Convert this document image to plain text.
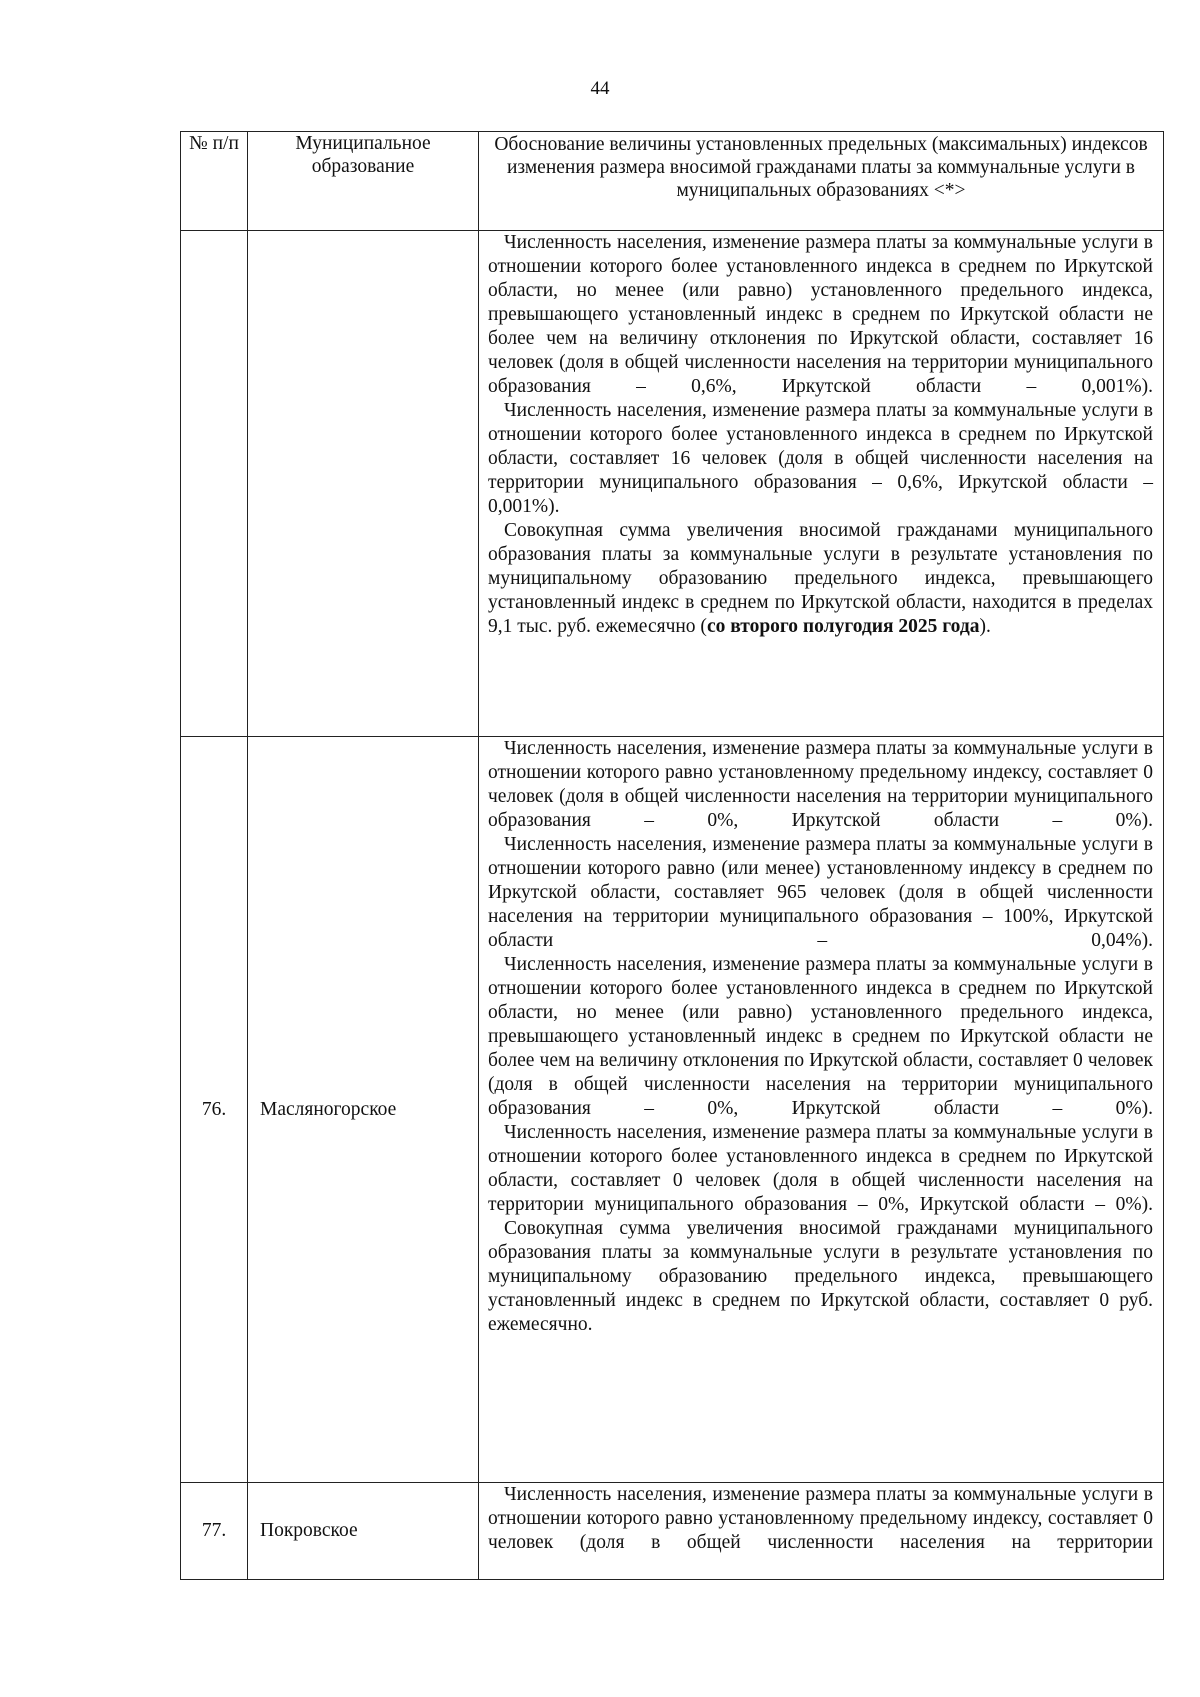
44
№ п/п	Муниципальное образование	Обоснование величины установленных предельных (максимальных) индексов изменения размера вносимой гражданами платы за коммунальные услуги в муниципальных образованиях <*>

		Численность населения, изменение размера платы за коммунальные услуги в отношении которого более установленного индекса в среднем по Иркутской области, но менее (или равно) установленного предельного индекса, превышающего установленный индекс в среднем по Иркутской области не более чем на величину отклонения по Иркутской области, составляет 16 человек (доля в общей численности населения на территории муниципального образования – 0,6%, Иркутской области – 0,001%).

Численность населения, изменение размера платы за коммунальные услуги в отношении которого более установленного индекса в среднем по Иркутской области, составляет 16 человек (доля в общей численности населения на территории муниципального образования – 0,6%, Иркутской области – 0,001%).

Совокупная сумма увеличения вносимой гражданами муниципального образования платы за коммунальные услуги в результате установления по муниципальному образованию предельного индекса, превышающего установленный индекс в среднем по Иркутской области, находится в пределах 9,1 тыс. руб. ежемесячно (со второго полугодия 2025 года).

76.	Масляногорское	Численность населения, изменение размера платы за коммунальные услуги в отношении которого равно установленному предельному индексу, составляет 0 человек (доля в общей численности населения на территории муниципального образования – 0%, Иркутской области – 0%).

Численность населения, изменение размера платы за коммунальные услуги в отношении которого равно (или менее) установленному индексу в среднем по Иркутской области, составляет 965 человек (доля в общей численности населения на территории муниципального образования – 100%, Иркутской области – 0,04%).

Численность населения, изменение размера платы за коммунальные услуги в отношении которого более установленного индекса в среднем по Иркутской области, но менее (или равно) установленного предельного индекса, превышающего установленный индекс в среднем по Иркутской области не более чем на величину отклонения по Иркутской области, составляет 0 человек (доля в общей численности населения на территории муниципального образования – 0%, Иркутской области – 0%).

Численность населения, изменение размера платы за коммунальные услуги в отношении которого более установленного индекса в среднем по Иркутской области, составляет 0 человек (доля в общей численности населения на территории муниципального образования – 0%, Иркутской области – 0%).

Совокупная сумма увеличения вносимой гражданами муниципального образования платы за коммунальные услуги в результате установления по муниципальному образованию предельного индекса, превышающего установленный индекс в среднем по Иркутской области, составляет 0 руб. ежемесячно.

77.	Покровское	Численность населения, изменение размера платы за коммунальные услуги в отношении которого равно установленному предельному индексу, составляет 0 человек (доля в общей численности населения на территории
